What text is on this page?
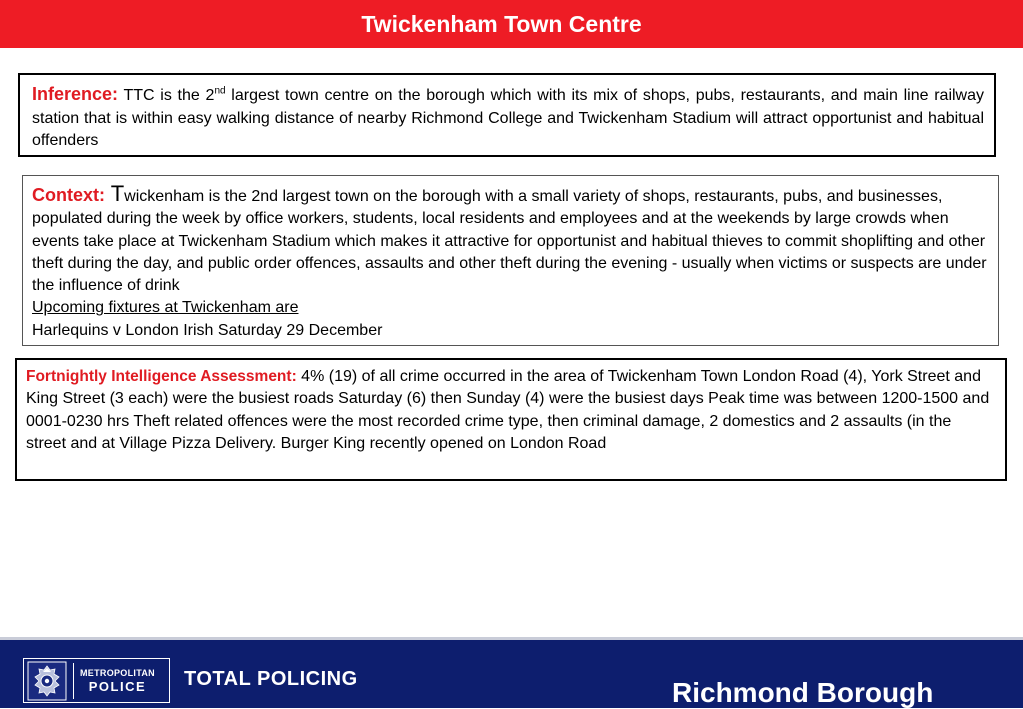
Twickenham Town Centre
Inference: TTC is the 2nd largest town centre on the borough which with its mix of shops, pubs, restaurants, and main line railway station that is within easy walking distance of nearby Richmond College and Twickenham Stadium will attract opportunist and habitual offenders
Context: Twickenham is the 2nd largest town on the borough with a small variety of shops, restaurants, pubs, and businesses, populated during the week by office workers, students, local residents and employees and at the weekends by large crowds when events take place at Twickenham Stadium which makes it attractive for opportunist and habitual thieves to commit shoplifting and other theft during the day, and public order offences, assaults and other theft during the evening - usually when victims or suspects are under the influence of drink
Upcoming fixtures at Twickenham are
Harlequins v London Irish Saturday 29 December
Fortnightly Intelligence Assessment: 4% (19) of all crime occurred in the area of Twickenham Town London Road (4), York Street and King Street (3 each) were the busiest roads Saturday (6) then Sunday (4) were the busiest days Peak time was between 1200-1500 and 0001-0230 hrs Theft related offences were the most recorded crime type, then criminal damage, 2 domestics and 2 assaults (in the street and at Village Pizza Delivery. Burger King recently opened on London Road
METROPOLITAN
POLICE TOTAL POLICING	Richmond Borough
